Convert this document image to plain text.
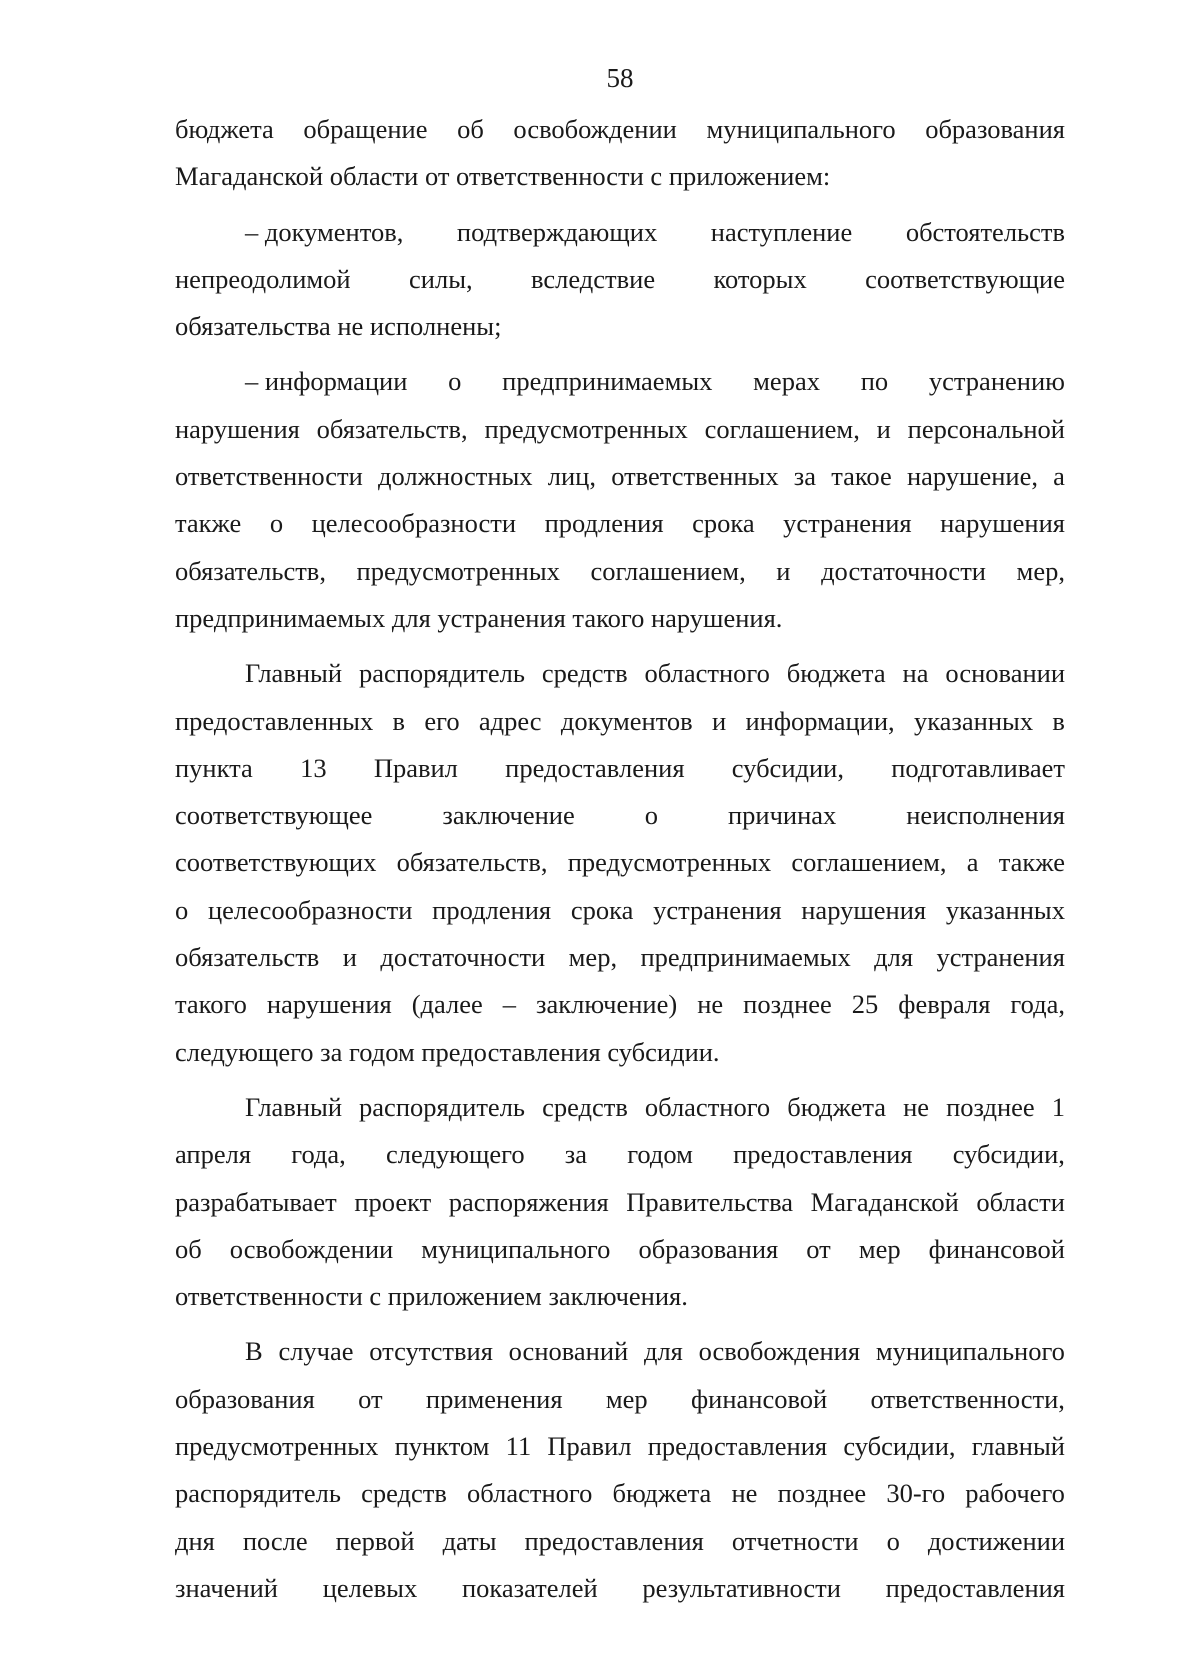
58
бюджета обращение об освобождении муниципального образования
Магаданской области от ответственности с приложением:
– документов, подтверждающих наступление обстоятельств
непреодолимой силы, вследствие которых соответствующие
обязательства не исполнены;
– информации о предпринимаемых мерах по устранению
нарушения обязательств, предусмотренных соглашением, и персональной
ответственности должностных лиц, ответственных за такое нарушение, а
также о целесообразности продления срока устранения нарушения
обязательств, предусмотренных соглашением, и достаточности мер,
предпринимаемых для устранения такого нарушения.
Главный распорядитель средств областного бюджета на основании
предоставленных в его адрес документов и информации, указанных в
пункта 13 Правил предоставления субсидии, подготавливает
соответствующее	заключение	о	причинах	неисполнения
соответствующих обязательств, предусмотренных соглашением, а также
о целесообразности продления срока устранения нарушения указанных
обязательств и достаточности мер, предпринимаемых для устранения
такого нарушения (далее – заключение) не позднее 25 февраля года,
следующего за годом предоставления субсидии.
Главный распорядитель средств областного бюджета не позднее 1
апреля года, следующего за годом предоставления субсидии,
разрабатывает проект распоряжения Правительства Магаданской области
об освобождении муниципального образования от мер финансовой
ответственности с приложением заключения.
В случае отсутствия оснований для освобождения муниципального
образования от применения мер финансовой ответственности,
предусмотренных пунктом 11 Правил предоставления субсидии, главный
распорядитель средств областного бюджета не позднее 30-го рабочего
дня после первой даты предоставления отчетности о достижении
значений целевых показателей результативности предоставления
